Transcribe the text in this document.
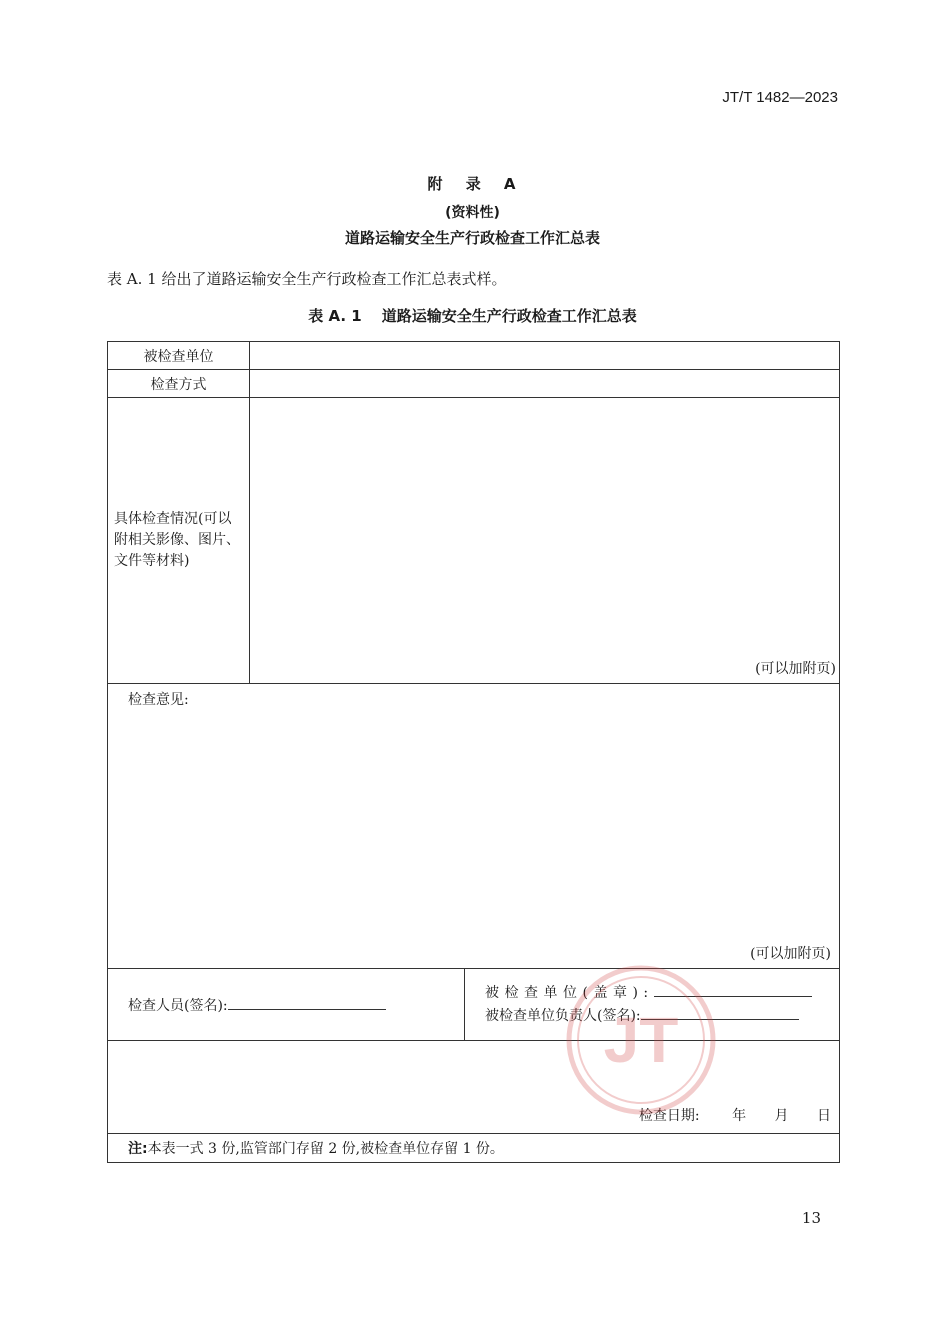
JT/T 1482—2023
附 录 A
(资料性)
道路运输安全生产行政检查工作汇总表
表 A. 1 给出了道路运输安全生产行政检查工作汇总表式样。
表 A. 1 道路运输安全生产行政检查工作汇总表
被检查单位		
检查方式		
具体检查情况(可以附相关影像、图片、文件等材料)	(可以加附页)	

检查意见:
(可以加附页)		

检查人员(签名):		被检查单位(盖章):
被检查单位负责人(签名):

检查日期: 年 月 日		

注:本表一式 3 份,监管部门存留 2 份,被检查单位存留 1 份。		
JT
13
